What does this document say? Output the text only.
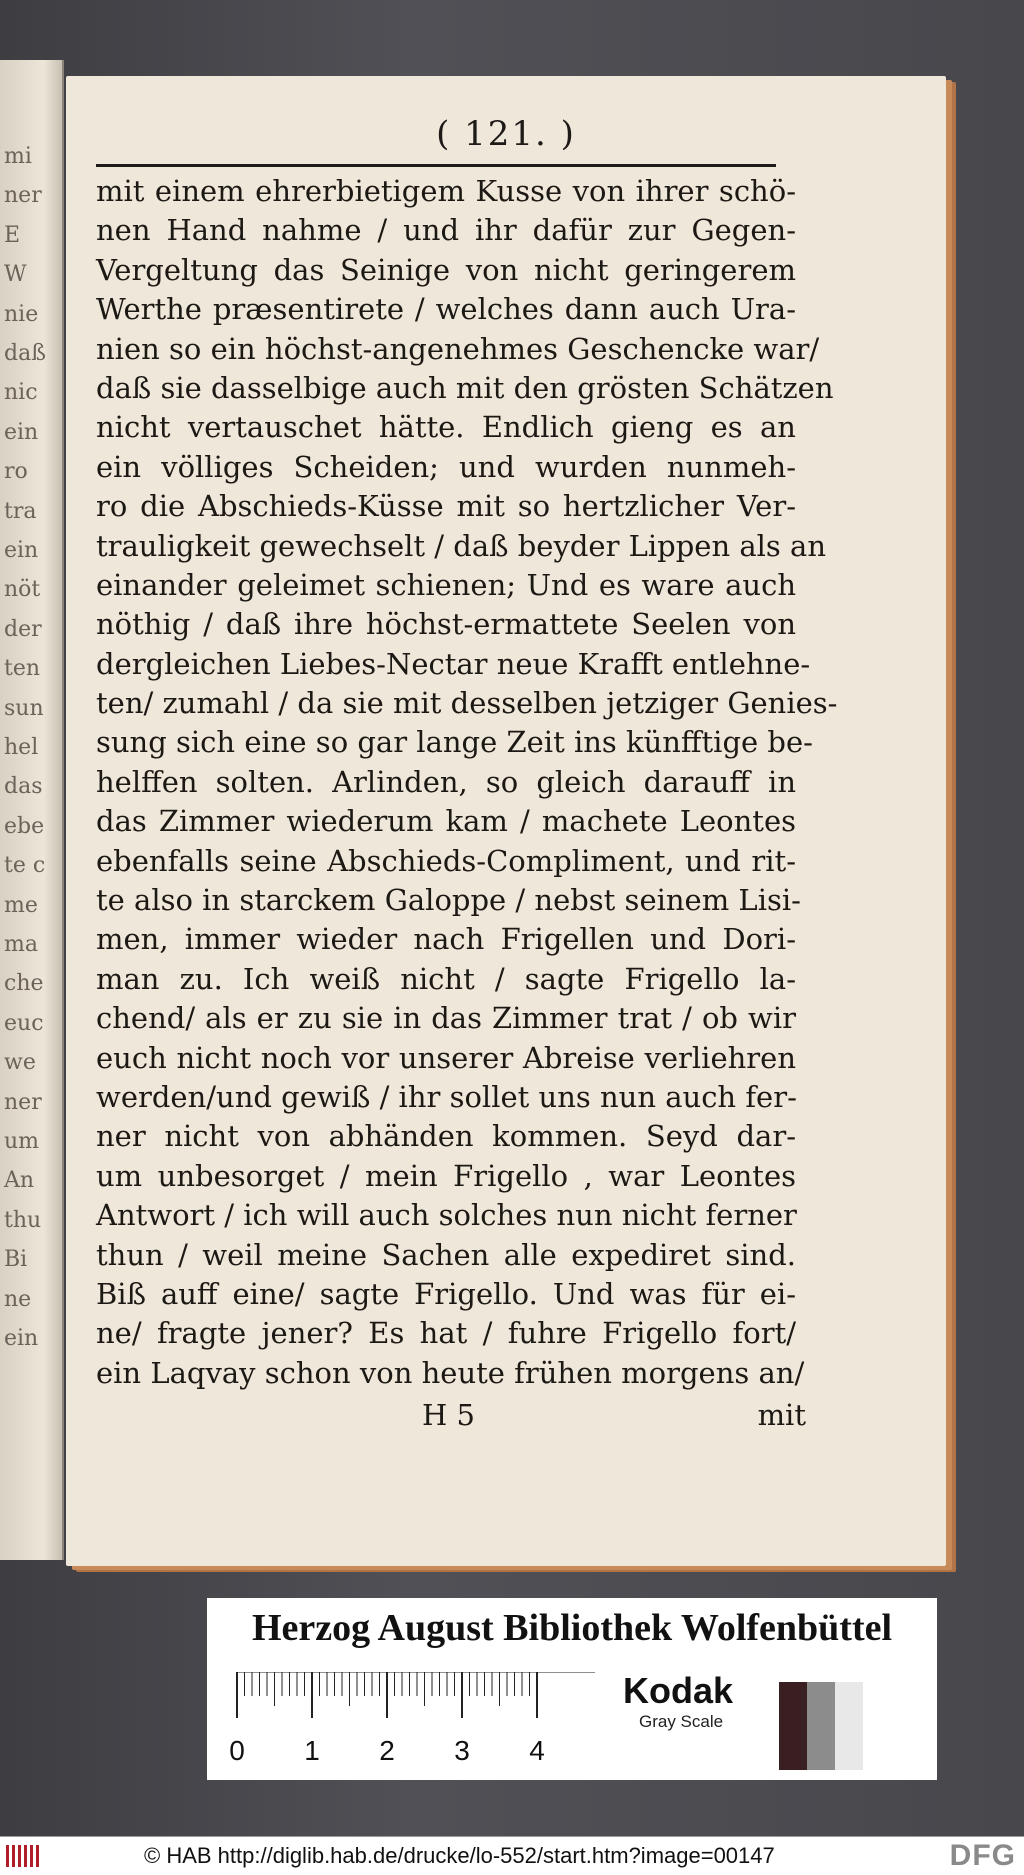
mi
ner
E
W
nie
daß
nic
ein
ro
tra
ein
nöt
der
ten
sun
hel
das
ebe
te c
me
ma
che
euc
we
ner
um
An
thu
Bi
ne
ein
( 121. )
mit einem ehrerbietigem Kusse von ihrer schö-
nen Hand nahme / und ihr dafür zur Gegen-
Vergeltung das Seinige von nicht geringerem
Werthe præsentirete / welches dann auch Ura-
nien so ein höchst-angenehmes Geschencke war/
daß sie dasselbige auch mit den grösten Schätzen
nicht vertauschet hätte. Endlich gieng es an
ein völliges Scheiden; und wurden nunmeh-
ro die Abschieds-Küsse mit so hertzlicher Ver-
trauligkeit gewechselt / daß beyder Lippen als an
einander geleimet schienen; Und es ware auch
nöthig / daß ihre höchst-ermattete Seelen von
dergleichen Liebes-Nectar neue Krafft entlehne-
ten/ zumahl / da sie mit desselben jetziger Genies-
sung sich eine so gar lange Zeit ins künfftige be-
helffen solten. Arlinden, so gleich darauff in
das Zimmer wiederum kam / machete Leontes
ebenfalls seine Abschieds-Compliment, und rit-
te also in starckem Galoppe / nebst seinem Lisi-
men, immer wieder nach Frigellen und Dori-
man zu. Ich weiß nicht / sagte Frigello la-
chend/ als er zu sie in das Zimmer trat / ob wir
euch nicht noch vor unserer Abreise verliehren
werden/und gewiß / ihr sollet uns nun auch fer-
ner nicht von abhänden kommen. Seyd dar-
um unbesorget / mein Frigello , war Leontes
Antwort / ich will auch solches nun nicht ferner
thun / weil meine Sachen alle expediret sind.
Biß auff eine/ sagte Frigello. Und was für ei-
ne/ fragte jener? Es hat / fuhre Frigello fort/
ein Laqvay schon von heute frühen morgens an/
H 5	mit
Herzog August Bibliothek Wolfenbüttel
0 1 2 3 4
Kodak
Gray Scale
© HAB http://diglib.hab.de/drucke/lo-552/start.htm?image=00147	DFG
